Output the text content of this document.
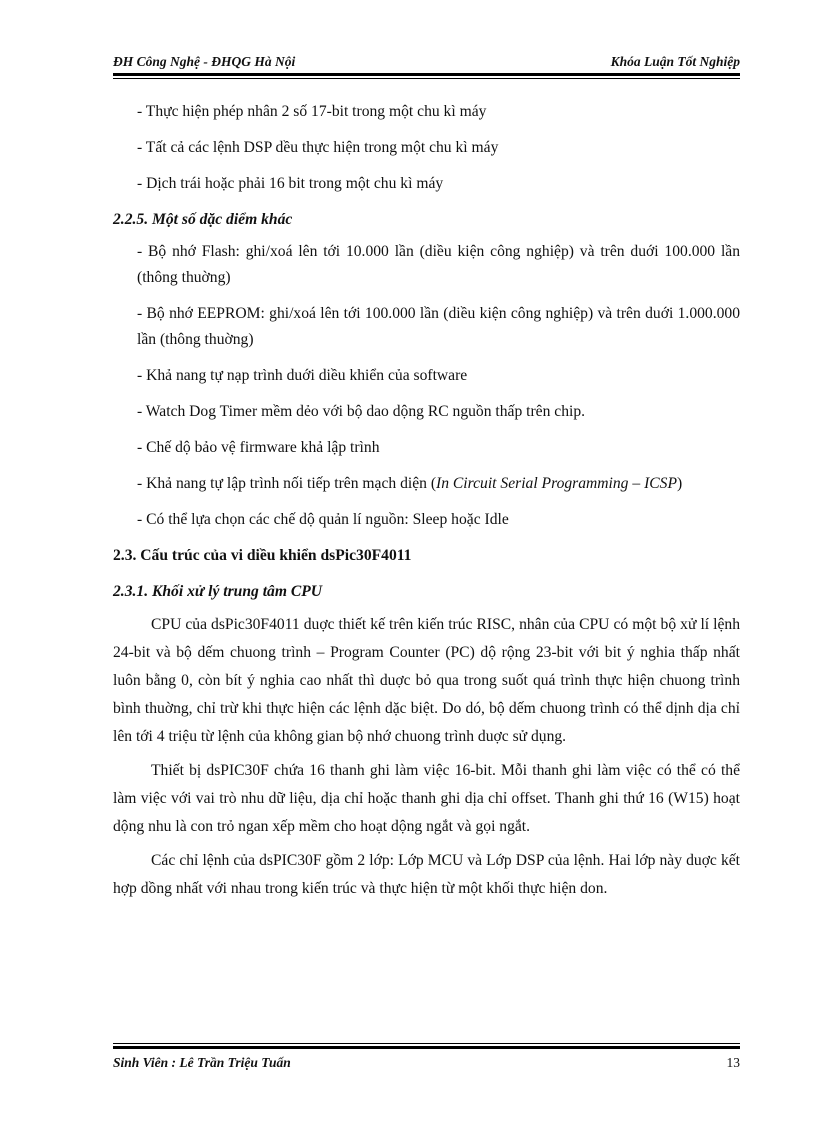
ĐH Công Nghệ - ĐHQG Hà Nội	Khóa Luận Tốt Nghiệp

- Thực hiện phép nhân 2 số 17-bit trong một chu kì máy

- Tất cả các lệnh DSP dều thực hiện trong một chu kì máy

- Dịch trái hoặc phải 16 bit trong một chu kì máy

2.2.5. Một số dặc diểm khác

- Bộ nhớ Flash: ghi/xoá lên tới 10.000 lần (diều kiện công nghiệp) và trên duới 100.000 lần (thông thuờng)

- Bộ nhớ EEPROM: ghi/xoá lên tới 100.000 lần (diều kiện công nghiệp) và trên duới 1.000.000 lần (thông thuờng)

- Khả nang tự nạp trình duới diều khiển của software

- Watch Dog Timer mềm dẻo với bộ dao dộng RC nguồn thấp trên chip.

- Chế dộ bảo vệ firmware khả lập trình

- Khả nang tự lập trình nối tiếp trên mạch diện (In Circuit Serial Programming – ICSP)

- Có thể lựa chọn các chế dộ quản lí nguồn: Sleep hoặc Idle

2.3. Cấu trúc của vi diều khiển dsPic30F4011

2.3.1. Khối xử lý trung tâm CPU

CPU của dsPic30F4011 duợc thiết kế trên kiến trúc RISC, nhân của CPU có một bộ xử lí lệnh 24-bit và bộ dếm chuong trình – Program Counter (PC) dộ rộng 23-bit với bit ý nghia thấp nhất luôn bằng 0, còn bít ý nghia cao nhất thì duợc bỏ qua trong suốt quá trình thực hiện chuong trình bình thuờng, chỉ trừ khi thực hiện các lệnh dặc biệt. Do dó, bộ dếm chuong trình có thể dịnh dịa chỉ lên tới 4 triệu từ lệnh của không gian bộ nhớ chuong trình duợc sử dụng.

Thiết bị dsPIC30F chứa 16 thanh ghi làm việc 16-bit. Mỗi thanh ghi làm việc có thể có thể làm việc với vai trò nhu dữ liệu, dịa chỉ hoặc thanh ghi dịa chỉ offset. Thanh ghi thứ 16 (W15) hoạt dộng nhu là con trỏ ngan xếp mềm cho hoạt dộng ngắt và gọi ngắt.

Các chỉ lệnh của dsPIC30F gồm 2 lớp: Lớp MCU và Lớp DSP của lệnh. Hai lớp này duợc kết hợp dồng nhất với nhau trong kiến trúc và thực hiện từ một khối thực hiện don.

Sinh Viên : Lê Trần Triệu Tuấn	13
